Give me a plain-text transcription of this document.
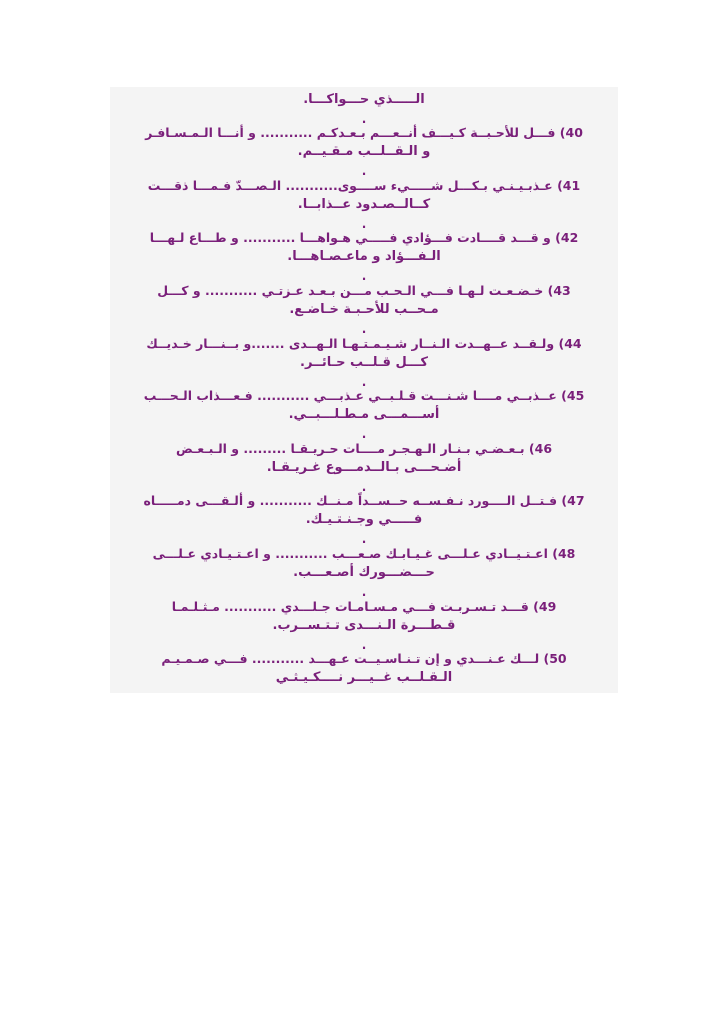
الـــــذي حـــواكـــا.
.
40) فـــل للأحـبــة كـيـــف أنــعـــم بـعـدكـم ........... و أنـــا الـمـسـافـر
و الـقــلــب مـقـيــم.
.
41) عـذبـيـنـي بـكـــل شـــــيء ســــوى........... الـصـــدّ فـمـــا ذقـــت
كــالــصـدود عــذابــا.
.
42) و قـــد قــــادت فـــؤادي فـــــي هـواهـــا ........... و طـــاع لـهـــا
الـفـــؤاد و ماعـصـاهـــا.
.
43) خـضـعـت لـهـا فـــي الـحـب مـــن بـعـد عـزتـي ........... و كـــل
مـحــب للأحـبـة خـاضـع.
.
44) ولـقــد عــهــدت الـنــار شـيـمـتـهـا الـهــدى .......و بــنـــار خـديــك
كـــل قـلــب حـائــر.
.
45) عــذبــي مــــا شـنـــت قـلـبــي عـذبـــي ........... فـعـــذاب الـحـــب
أســـمـــى مـطـلـــبــي.
.
46) بـعـضـي بـنـار الـهـجـر مــــات حـريـقـا ......... و الـبـعـض
أضـحـــى بـالــدمـــوع غـريـقـا.
.
47) فـتــل الــــورد نـفـســه حــســداً مـنــك ........... و ألـقـــى دمـــــاه
فـــــي وجـنـتـيـك.
.
48) اعـتـيــادي عـلـــى غـيـابـك صـعـــب ........... و اعـتـيـادي عـلـــى
حـــضـــورك أصـعـــب.
.
49) قـــد تـسـربـت فـــي مـسـامـات جـلـــدي ........... مـثـلـمـا
قـطـــرة الـنـــدى تـتـســرب.
.
50) لـــك عـنـــدي و إن تـنـاسـيــت عـهـــد ........... فـــي صـمـيـم
الـقـلــب غــيـــر نــــكـيـثـي
